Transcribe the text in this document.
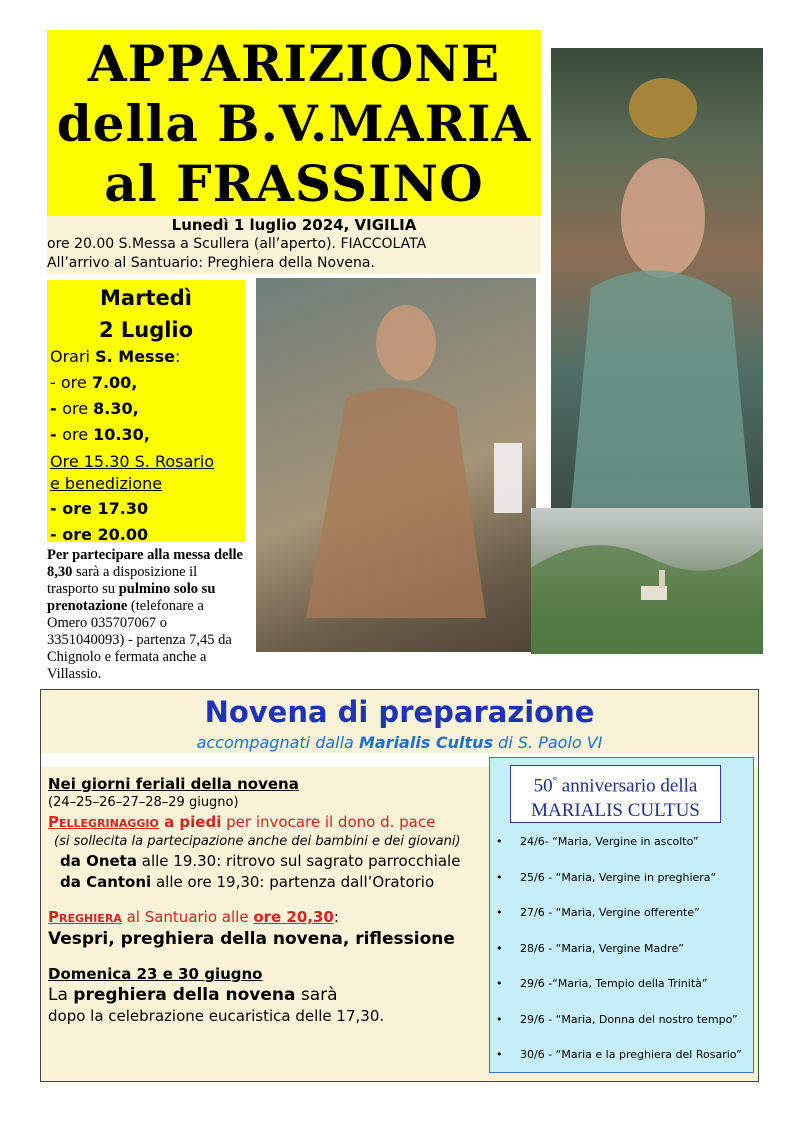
APPARIZIONE
della B.V.MARIA
al FRASSINO
Lunedì 1 luglio 2024, VIGILIA
ore 20.00 S.Messa a Scullera (all’aperto). FIACCOLATA
All’arrivo al Santuario: Preghiera della Novena.
Martedì
2 Luglio
Orari S. Messe:
- ore 7.00,
- ore 8.30,
- ore 10.30,
Ore 15.30 S. Rosario
e benedizione
- ore 17.30
- ore 20.00
Per partecipare alla messa delle 8,30 sarà a disposizione il trasporto su pulmino solo su prenotazione (telefonare a Omero 035707067 o 3351040093) - partenza 7,45 da Chignolo e fermata anche a Villassio.
Novena di preparazione
accompagnati dalla Marialis Cultus di S. Paolo VI
Nei giorni feriali della novena
(24–25–26–27–28–29 giugno)
Pellegrinaggio a piedi per invocare il dono d. pace
(si sollecita la partecipazione anche dei bambini e dei giovani)
da Oneta alle 19.30: ritrovo sul sagrato parrocchiale
da Cantoni alle ore 19,30: partenza dall’Oratorio
Preghiera al Santuario alle ore 20,30:
Vespri, preghiera della novena, riflessione
Domenica 23 e 30 giugno
La preghiera della novena sarà
dopo la celebrazione eucaristica delle 17,30.
50° anniversario della
MARIALIS CULTUS
• 24/6- “Maria, Vergine in ascolto”
• 25/6 - “Maria, Vergine in preghiera“
• 27/6 - “Maria, Vergine offerente”
• 28/6 - “Maria, Vergine Madre”
• 29/6 -“Maria, Tempio della Trinità”
• 29/6 - “Maria, Donna del nostro tempo”
• 30/6 - “Maria e la preghiera del Rosario”
